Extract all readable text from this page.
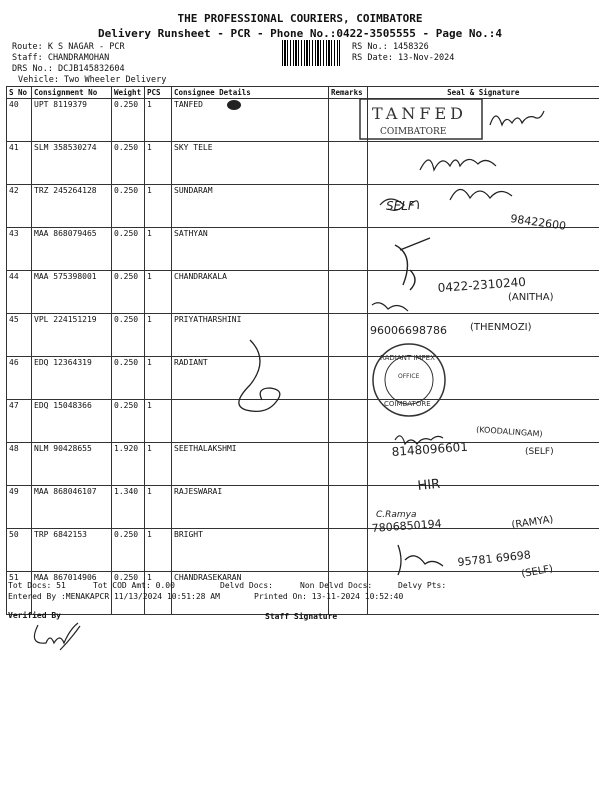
THE PROFESSIONAL COURIERS, COIMBATORE
Delivery Runsheet - PCR - Phone No.:0422-3505555 - Page No.:4
Route: K S NAGAR - PCR
Staff: CHANDRAMOHAN
DRS No.: DCJB145832604
Vehicle: Two Wheeler Delivery
RS No.: 1458326
RS Date: 13-Nov-2024
S No	Consignment No	Weight	PCS	Consignee Details	Remarks	Seal & Signature
40	UPT 8119379	0.250	1	TANFED		
41	SLM 358530274	0.250	1	SKY TELE		
42	TRZ 245264128	0.250	1	SUNDARAM		
43	MAA 868079465	0.250	1	SATHYAN		
44	MAA 575398001	0.250	1	CHANDRAKALA		
45	VPL 224151219	0.250	1	PRIYATHARSHINI		
46	EDQ 12364319	0.250	1	RADIANT		
47	EDQ 15048366	0.250	1			
48	NLM 90428655	1.920	1	SEETHALAKSHMI		
49	MAA 868046107	1.340	1	RAJESWARAI		
50	TRP 6842153	0.250	1	BRIGHT		
51	MAA 867014906	0.250	1	CHANDRASEKARAN		
TANFED
COIMBATORE
SELF
98422600
0422-2310240
(ANITHA)
96006698786 (THENMOZI)
RADIANT IMPEX
OFFICE
COIMBATORE
(KOODALINGAM)
8148096601	(SELF)
HIR
C.Ramya
7806850194	(RAMYA)
95781 69698
(SELF)
Tot Docs: 51	Tot COD Amt: 0.00	Delvd Docs:	Non Delvd Docs:	Delvy Pts:
Entered By :MENAKAPCR 11/13/2024 10:51:28 AM	Printed On: 13-11-2024 10:52:40
Verified By	Staff Signature
